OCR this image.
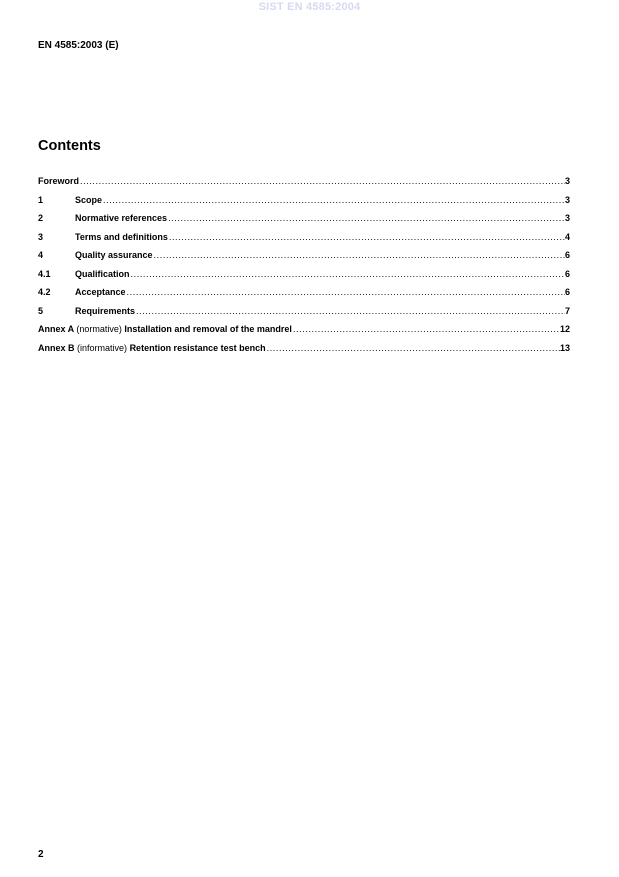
SIST EN 4585:2004
EN 4585:2003 (E)
Contents
Foreword .....	3
1	Scope .....	3
2	Normative references .....	3
3	Terms and definitions .....	4
4	Quality assurance .....	6
4.1	Qualification .....	6
4.2	Acceptance .....	6
5	Requirements .....	7
Annex A (normative) Installation and removal of the mandrel .....	12
Annex B (informative) Retention resistance test bench .....	13
2
